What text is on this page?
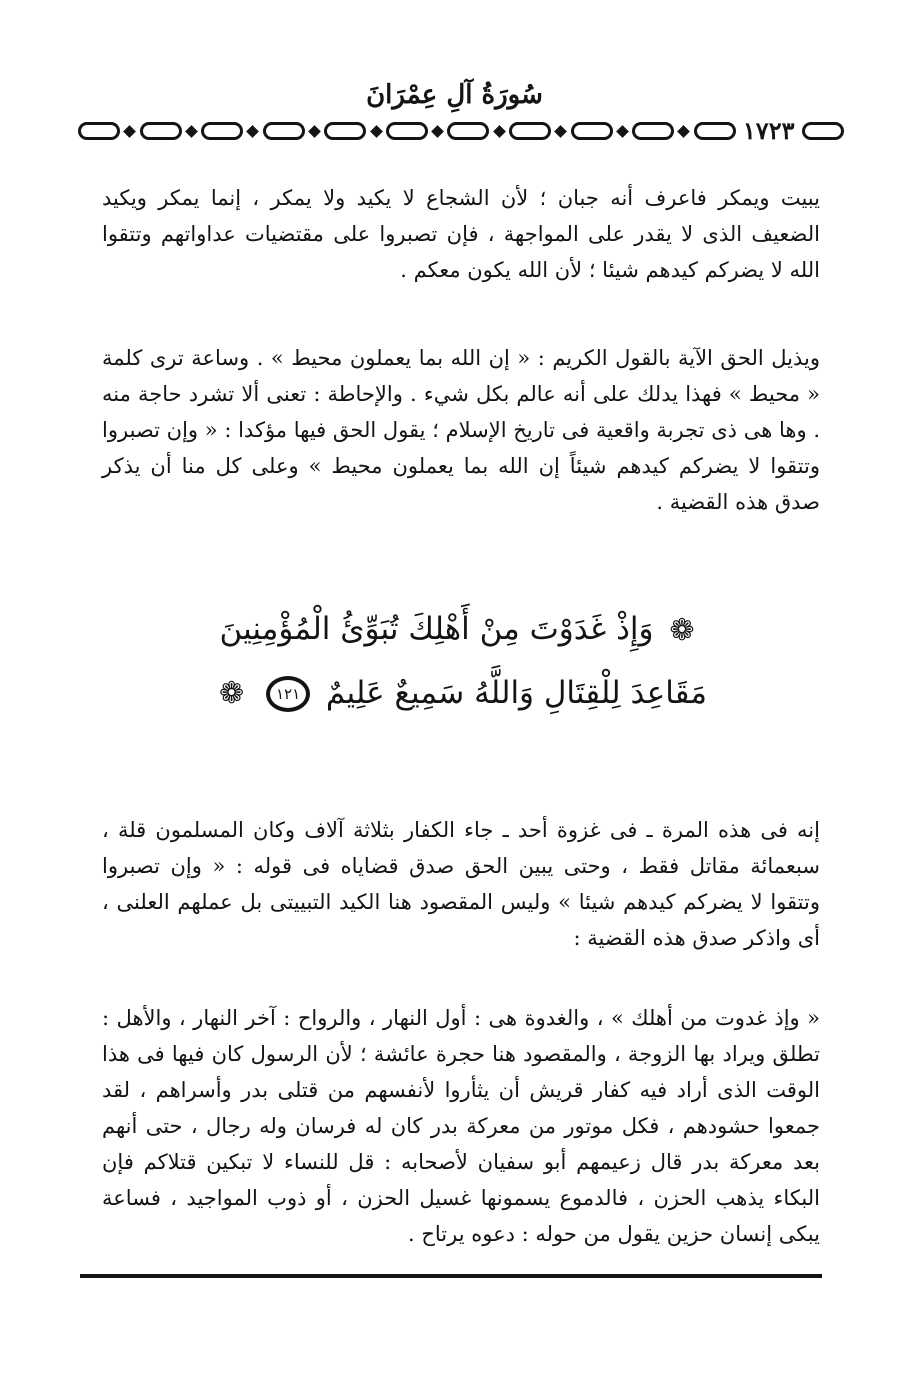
سُورَةُ آلِ عِمْرَانَ
١٧٢٣

يبيت ويمكر فاعرف أنه جبان ؛ لأن الشجاع لا يكيد ولا يمكر ، إنما يمكر ويكيد الضعيف الذى لا يقدر على المواجهة ، فإن تصبروا على مقتضيات عداواتهم وتتقوا الله لا يضركم كيدهم شيئا ؛ لأن الله يكون معكم .

ويذيل الحق الآية بالقول الكريم : « إن الله بما يعملون محيط » . وساعة ترى كلمة « محيط » فهذا يدلك على أنه عالم بكل شيء . والإحاطة : تعنى ألا تشرد حاجة منه . وها هى ذى تجربة واقعية فى تاريخ الإسلام ؛ يقول الحق فيها مؤكدا : « وإن تصبروا وتتقوا لا يضركم كيدهم شيئاً إن الله بما يعملون محيط » وعلى كل منا أن يذكر صدق هذه القضية .

❁ وَإِذْ غَدَوْتَ مِنْ أَهْلِكَ تُبَوِّئُ الْمُؤْمِنِينَ
مَقَاعِدَ لِلْقِتَالِ وَاللَّهُ سَمِيعٌ عَلِيمٌ ١٢١ ❁

إنه فى هذه المرة ـ فى غزوة أحد ـ جاء الكفار بثلاثة آلاف وكان المسلمون قلة ، سبعمائة مقاتل فقط ، وحتى يبين الحق صدق قضاياه فى قوله : « وإن تصبروا وتتقوا لا يضركم كيدهم شيئا » وليس المقصود هنا الكيد التبييتى بل عملهم العلنى ، أى واذكر صدق هذه القضية :

« وإذ غدوت من أهلك » ، والغدوة هى : أول النهار ، والرواح : آخر النهار ، والأهل : تطلق ويراد بها الزوجة ، والمقصود هنا حجرة عائشة ؛ لأن الرسول كان فيها فى هذا الوقت الذى أراد فيه كفار قريش أن يثأروا لأنفسهم من قتلى بدر وأسراهم ، لقد جمعوا حشودهم ، فكل موتور من معركة بدر كان له فرسان وله رجال ، حتى أنهم بعد معركة بدر قال زعيمهم أبو سفيان لأصحابه : قل للنساء لا تبكين قتلاكم فإن البكاء يذهب الحزن ، فالدموع يسمونها غسيل الحزن ، أو ذوب المواجيد ، فساعة يبكى إنسان حزين يقول من حوله : دعوه يرتاح .
